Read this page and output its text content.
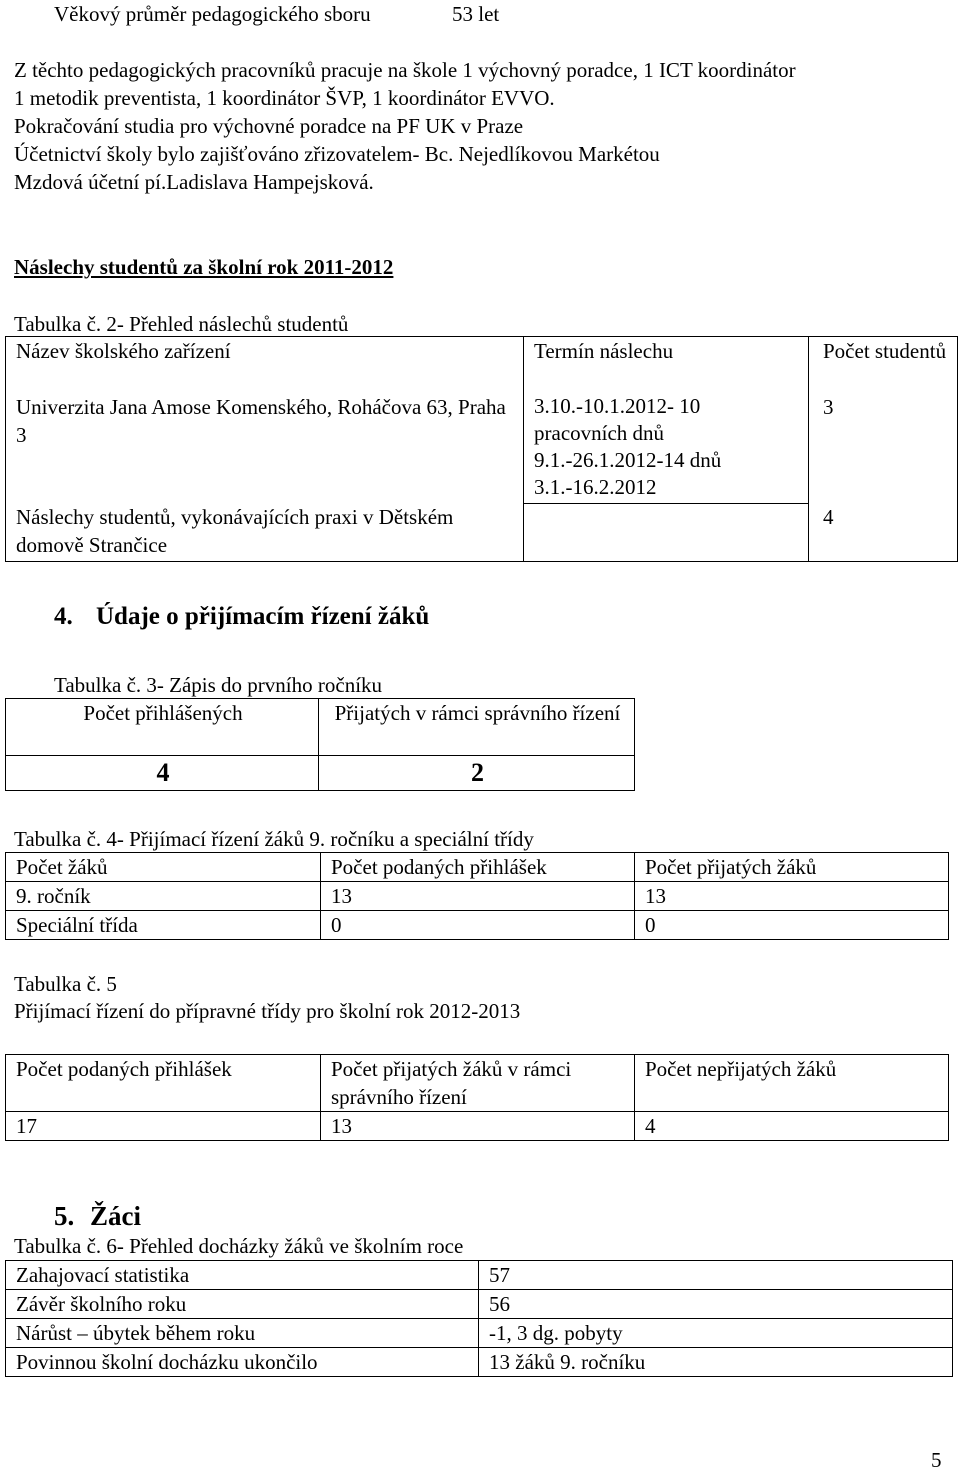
Věkový průměr pedagogického sboru	53 let
Z těchto pedagogických pracovníků pracuje na škole 1 výchovný poradce, 1 ICT koordinátor
1 metodik preventista, 1 koordinátor ŠVP, 1 koordinátor EVVO.
Pokračování studia pro výchovné poradce na PF UK v Praze
Účetnictví školy bylo zajišťováno zřizovatelem- Bc. Nejedlíkovou Markétou
Mzdová účetní pí.Ladislava Hampejsková.
Náslechy studentů za školní rok 2011-2012
Tabulka č. 2- Přehled náslechů studentů
Název školského zařízení	Termín náslechu	Počet studentů
Univerzita Jana Amose Komenského, Roháčova 63, Praha 3	3.10.-10.1.2012- 10
pracovních dnů
9.1.-26.1.2012-14 dnů
3.1.-16.2.2012	3
Náslechy studentů, vykonávajících praxi v Dětském domově Strančice		4
4. Údaje o přijímacím řízení žáků
Tabulka č. 3- Zápis do prvního ročníku
Počet přihlášených	Přijatých v rámci správního řízení
4	2
Tabulka č. 4- Přijímací řízení žáků 9. ročníku a speciální třídy
Počet žáků	Počet podaných přihlášek	Počet přijatých žáků
9. ročník	13	13
Speciální třída	0	0
Tabulka č. 5
Přijímací řízení do přípravné třídy pro školní rok 2012-2013
Počet podaných přihlášek	Počet přijatých žáků v rámci správního řízení	Počet nepřijatých žáků
17	13	4
5. Žáci
Tabulka č. 6- Přehled docházky žáků ve školním roce
Zahajovací statistika	57
Závěr školního roku	56
Nárůst – úbytek během roku	-1, 3 dg. pobyty
Povinnou školní docházku ukončilo	13 žáků 9. ročníku
5
